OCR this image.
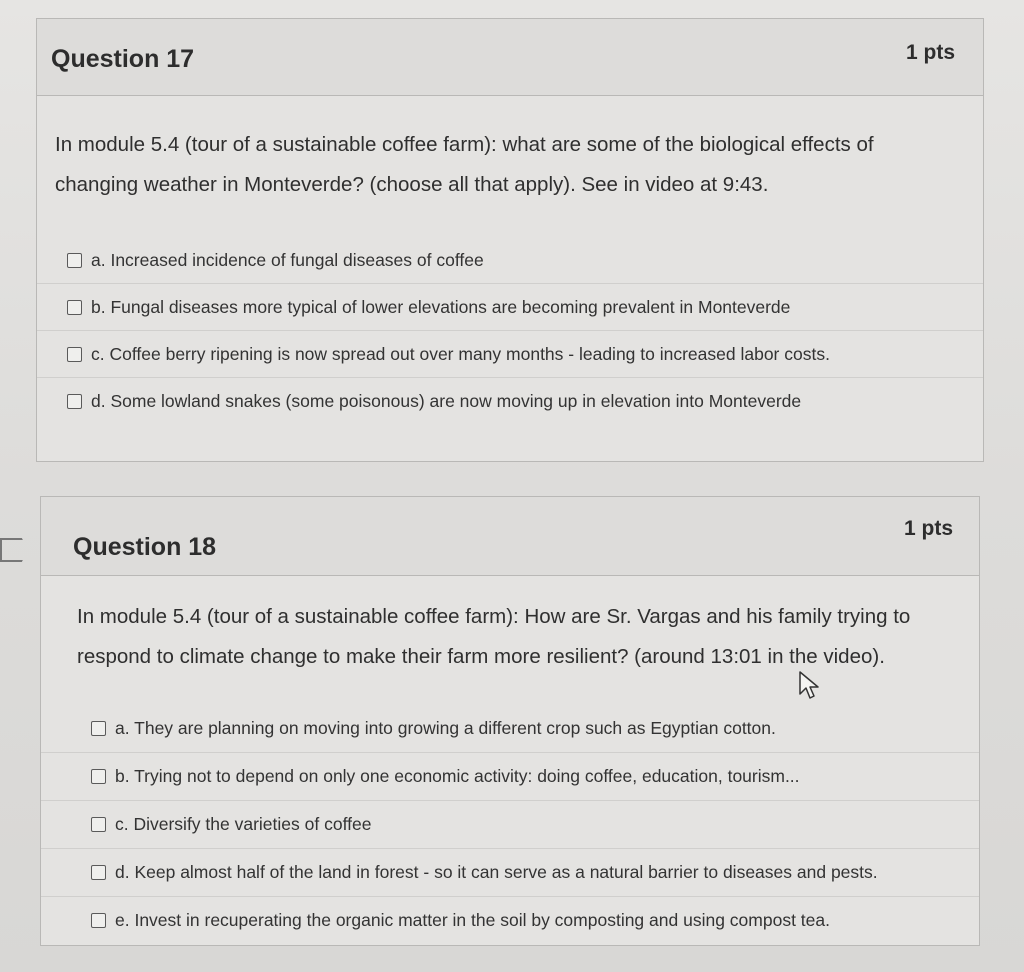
Question 17	1 pts
In module 5.4 (tour of a sustainable coffee farm): what are some of the biological effects of changing weather in Monteverde? (choose all that apply). See in video at 9:43.
a. Increased incidence of fungal diseases of coffee
b. Fungal diseases more typical of lower elevations are becoming prevalent in Monteverde
c. Coffee berry ripening is now spread out over many months - leading to increased labor costs.
d. Some lowland snakes (some poisonous) are now moving up in elevation into Monteverde
Question 18
1 pts
In module 5.4 (tour of a sustainable coffee farm): How are Sr. Vargas and his family trying to respond to climate change to make their farm more resilient? (around 13:01 in the video).
a. They are planning on moving into growing a different crop such as Egyptian cotton.
b. Trying not to depend on only one economic activity: doing coffee, education, tourism...
c. Diversify the varieties of coffee
d. Keep almost half of the land in forest - so it can serve as a natural barrier to diseases and pests.
e. Invest in recuperating the organic matter in the soil by composting and using compost tea.
